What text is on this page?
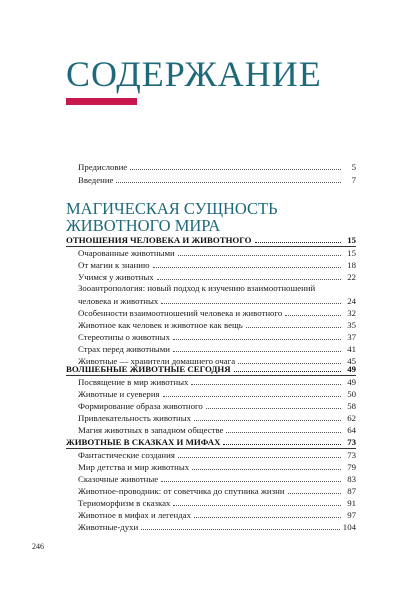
СОДЕРЖАНИЕ
Предисловие	5
Введение	7
МАГИЧЕСКАЯ СУЩНОСТЬ
ЖИВОТНОГО МИРА
ОТНОШЕНИЯ ЧЕЛОВЕКА И ЖИВОТНОГО	15
Очарованные животными	15
От магии к знанию	18
Учимся у животных	22
Зооантропология: новый подход к изучению взаимоотношений
человека и животных	24
Особенности взаимоотношений человека и животного	32
Животное как человек и животное как вещь	35
Стереотипы о животных	37
Страх перед животными	41
Животные — хранители домашнего очага	45
ВОЛШЕБНЫЕ ЖИВОТНЫЕ СЕГОДНЯ	49
Посвящение в мир животных	49
Животные и суеверия	50
Формирование образа животного	58
Привлекательность животных	62
Магия животных в западном обществе	64
ЖИВОТНЫЕ В СКАЗКАХ И МИФАХ	73
Фантастические создания	73
Мир детства и мир животных	79
Сказочные животные	83
Животное-проводник: от советчика до спутника жизни	87
Териоморфизм в сказках	91
Животное в мифах и легендах	97
Животные-духи	104
246
